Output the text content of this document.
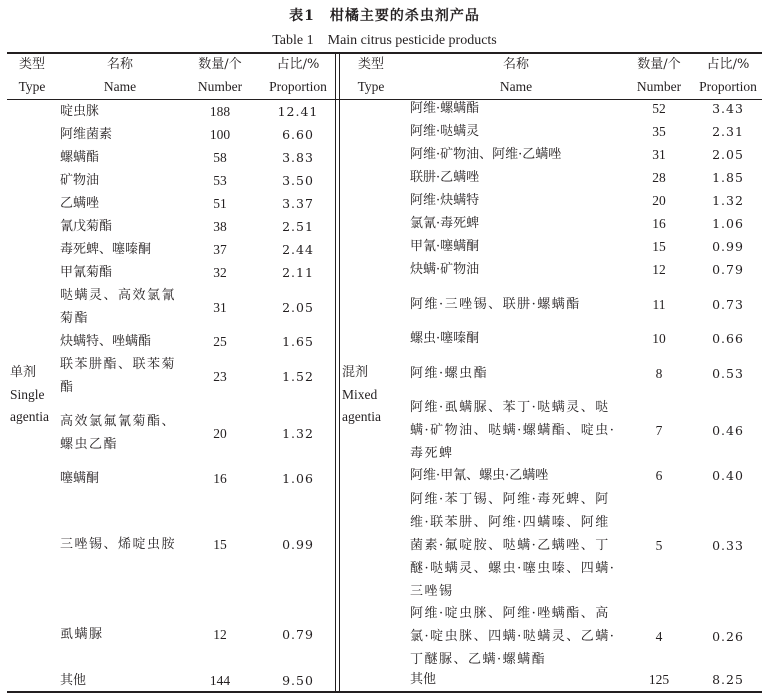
表1　柑橘主要的杀虫剂产品
Table 1　Main citrus pesticide products
类型
Type
名称
Name
数量/个
Number
占比/%
Proportion
类型
Type
名称
Name
数量/个
Number
占比/%
Proportion
单剂
Single
agentia
混剂
Mixed
agentia
啶虫脒	188	12.41
阿维菌素	100	6.60
螺螨酯	58	3.83
矿物油	53	3.50
乙螨唑	51	3.37
氰戊菊酯	38	2.51
毒死蜱、噻嗪酮	37	2.44
甲氰菊酯	32	2.11
哒螨灵、高效氯氰菊酯
31	2.05
炔螨特、唑螨酯	25	1.65
联苯肼酯、联苯菊酯
23	1.52
高效氯氟氰菊酯、螺虫乙酯
20	1.32
噻螨酮	16	1.06
三唑锡、烯啶虫胺	15	0.99
虱螨脲	12	0.79
其他	144	9.50
阿维·螺螨酯	52	3.43
阿维·哒螨灵	35	2.31
阿维·矿物油、阿维·乙螨唑	31	2.05
联肼·乙螨唑	28	1.85
阿维·炔螨特	20	1.32
氯氰·毒死蜱	16	1.06
甲氰·噻螨酮	15	0.99
炔螨·矿物油	12	0.79
阿维·三唑锡、联肼·螺螨酯	11	0.73
螺虫·噻嗪酮	10	0.66
阿维·螺虫酯	8	0.53
阿维·虱螨脲、苯丁·哒螨灵、哒螨·矿物油、哒螨·螺螨酯、啶虫·毒死蜱
7	0.46
阿维·甲氰、螺虫·乙螨唑	6	0.40
阿维·苯丁锡、阿维·毒死蜱、阿维·联苯肼、阿维·四螨嗪、阿维菌素·氟啶胺、哒螨·乙螨唑、丁醚·哒螨灵、螺虫·噻虫嗪、四螨·三唑锡
5	0.33
阿维·啶虫脒、阿维·唑螨酯、高氯·啶虫脒、四螨·哒螨灵、乙螨·丁醚脲、乙螨·螺螨酯
4	0.26
其他	125	8.25
